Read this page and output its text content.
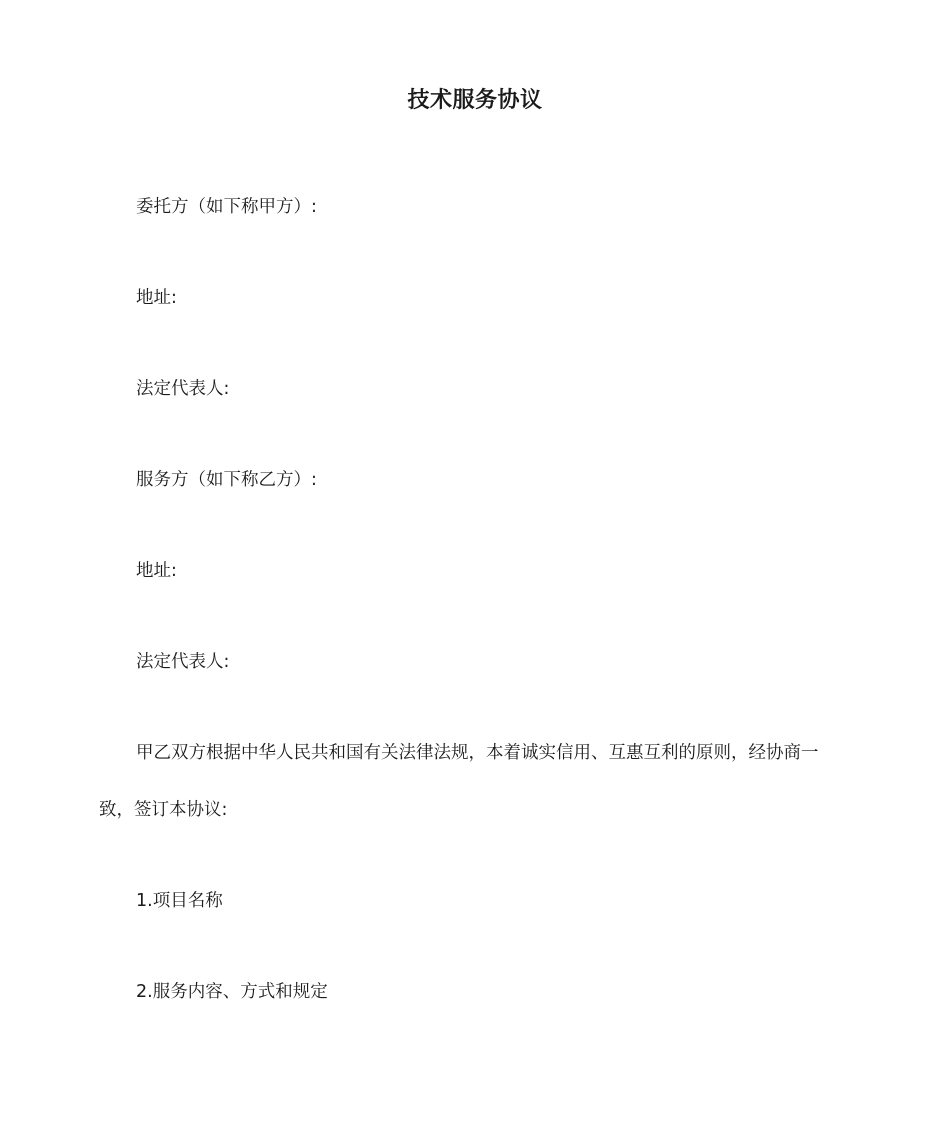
技术服务协议
委托方（如下称甲方）:
地址:
法定代表人:
服务方（如下称乙方）:
地址:
法定代表人:
甲乙双方根据中华人民共和国有关法律法规，本着诚实信用、互惠互利的原则，经协商一
致，签订本协议:
1.项目名称
2.服务内容、方式和规定
